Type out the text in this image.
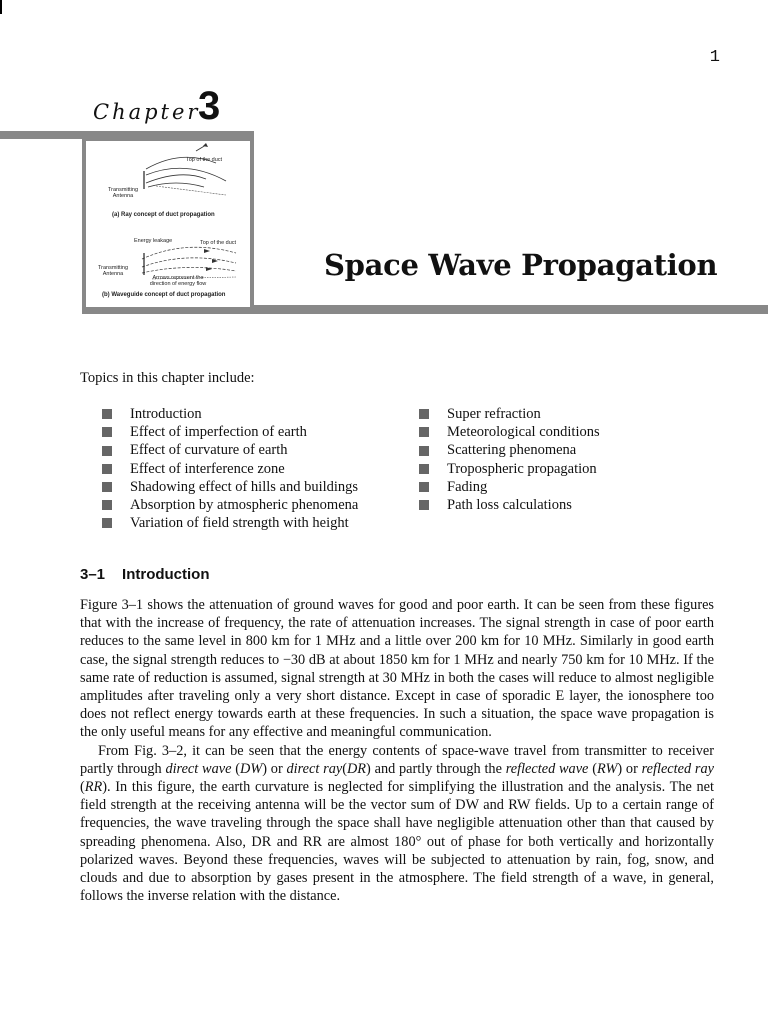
1
Chapter
3
Top of the duct
Transmitting Antenna
(a) Ray concept of duct propagation
Energy leakage	Top of the duct
Transmitting Antenna
Arrows represent the direction of energy flow
(b) Waveguide concept of duct propagation
Space Wave Propagation
Topics in this chapter include:
Introduction
Effect of imperfection of earth
Effect of curvature of earth
Effect of interference zone
Shadowing effect of hills and buildings
Absorption by atmospheric phenomena
Variation of field strength with height
Super refraction
Meteorological conditions
Scattering phenomena
Tropospheric propagation
Fading
Path loss calculations
3–1 Introduction

Figure 3–1 shows the attenuation of ground waves for good and poor earth. It can be seen from these figures that with the increase of frequency, the rate of attenuation increases. The signal strength in case of poor earth reduces to the same level in 800 km for 1 MHz and a little over 200 km for 10 MHz. Similarly in good earth case, the signal strength reduces to −30 dB at about 1850 km for 1 MHz and nearly 750 km for 10 MHz. If the same rate of reduction is assumed, signal strength at 30 MHz in both the cases will reduce to almost negligible amplitudes after traveling only a very short distance. Except in case of sporadic E layer, the ionosphere too does not reflect energy towards earth at these frequencies. In such a situation, the space wave propagation is the only useful means for any effective and meaningful communication.

From Fig. 3–2, it can be seen that the energy contents of space-wave travel from transmitter to receiver partly through direct wave (DW) or direct ray(DR) and partly through the reflected wave (RW) or reflected ray (RR). In this figure, the earth curvature is neglected for simplifying the illustration and the analysis. The net field strength at the receiving antenna will be the vector sum of DW and RW fields. Up to a certain range of frequencies, the wave traveling through the space shall have negligible attenuation other than that caused by spreading phenomena. Also, DR and RR are almost 180° out of phase for both vertically and horizontally polarized waves. Beyond these frequencies, waves will be subjected to attenuation by rain, fog, snow, and clouds and due to absorption by gases present in the atmosphere. The field strength of a wave, in general, follows the inverse relation with the distance.
